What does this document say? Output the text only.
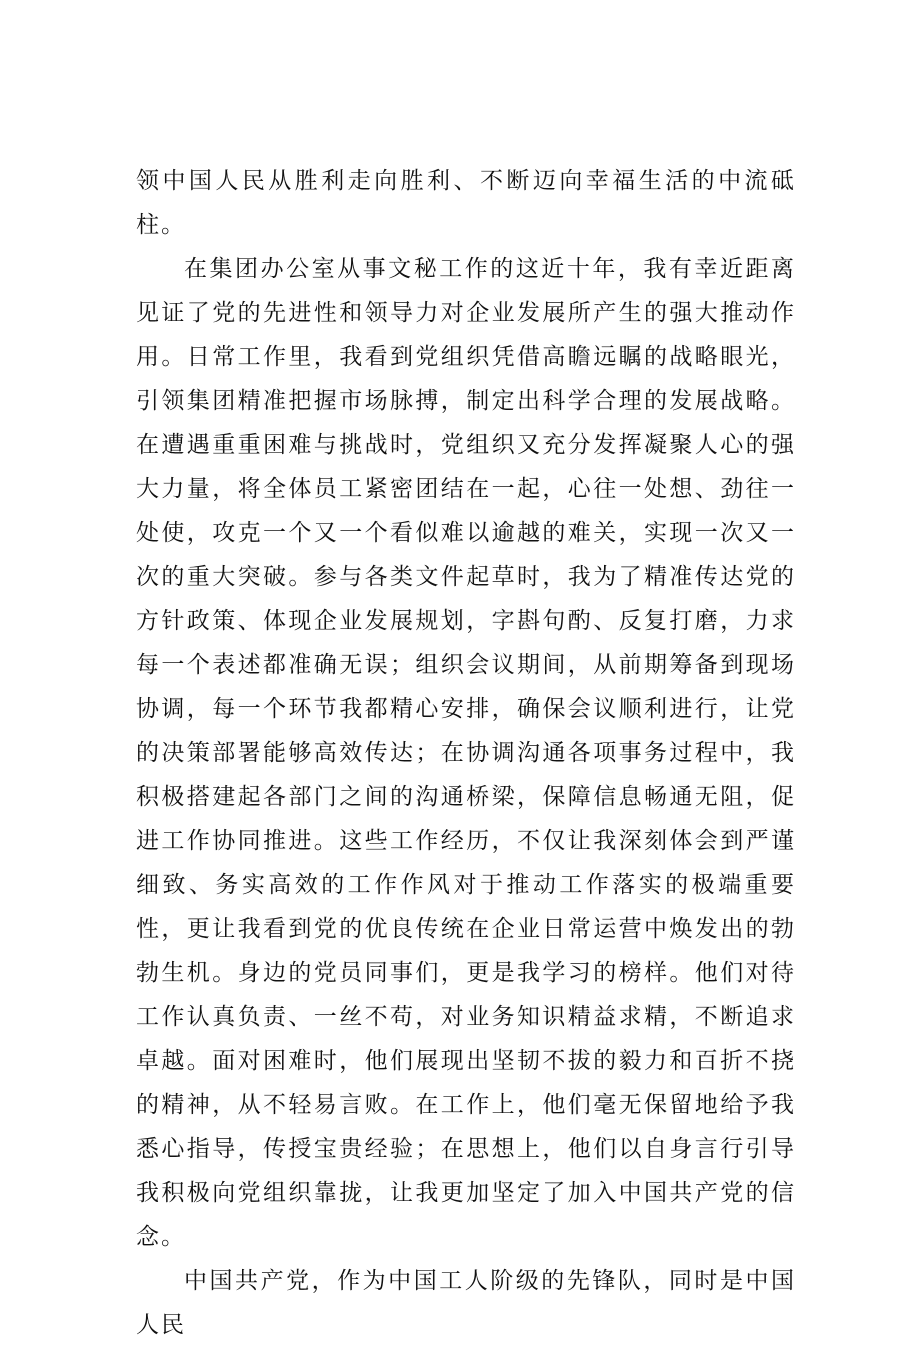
领中国人民从胜利走向胜利、不断迈向幸福生活的中流砥柱。

在集团办公室从事文秘工作的这近十年，我有幸近距离见证了党的先进性和领导力对企业发展所产生的强大推动作用。日常工作里，我看到党组织凭借高瞻远瞩的战略眼光，引领集团精准把握市场脉搏，制定出科学合理的发展战略。在遭遇重重困难与挑战时，党组织又充分发挥凝聚人心的强大力量，将全体员工紧密团结在一起，心往一处想、劲往一处使，攻克一个又一个看似难以逾越的难关，实现一次又一次的重大突破。参与各类文件起草时，我为了精准传达党的方针政策、体现企业发展规划，字斟句酌、反复打磨，力求每一个表述都准确无误；组织会议期间，从前期筹备到现场协调，每一个环节我都精心安排，确保会议顺利进行，让党的决策部署能够高效传达；在协调沟通各项事务过程中，我积极搭建起各部门之间的沟通桥梁，保障信息畅通无阻，促进工作协同推进。这些工作经历，不仅让我深刻体会到严谨细致、务实高效的工作作风对于推动工作落实的极端重要性，更让我看到党的优良传统在企业日常运营中焕发出的勃勃生机。身边的党员同事们，更是我学习的榜样。他们对待工作认真负责、一丝不苟，对业务知识精益求精，不断追求卓越。面对困难时，他们展现出坚韧不拔的毅力和百折不挠的精神，从不轻易言败。在工作上，他们毫无保留地给予我悉心指导，传授宝贵经验；在思想上，他们以自身言行引导我积极向党组织靠拢，让我更加坚定了加入中国共产党的信念。

中国共产党，作为中国工人阶级的先锋队，同时是中国人民
